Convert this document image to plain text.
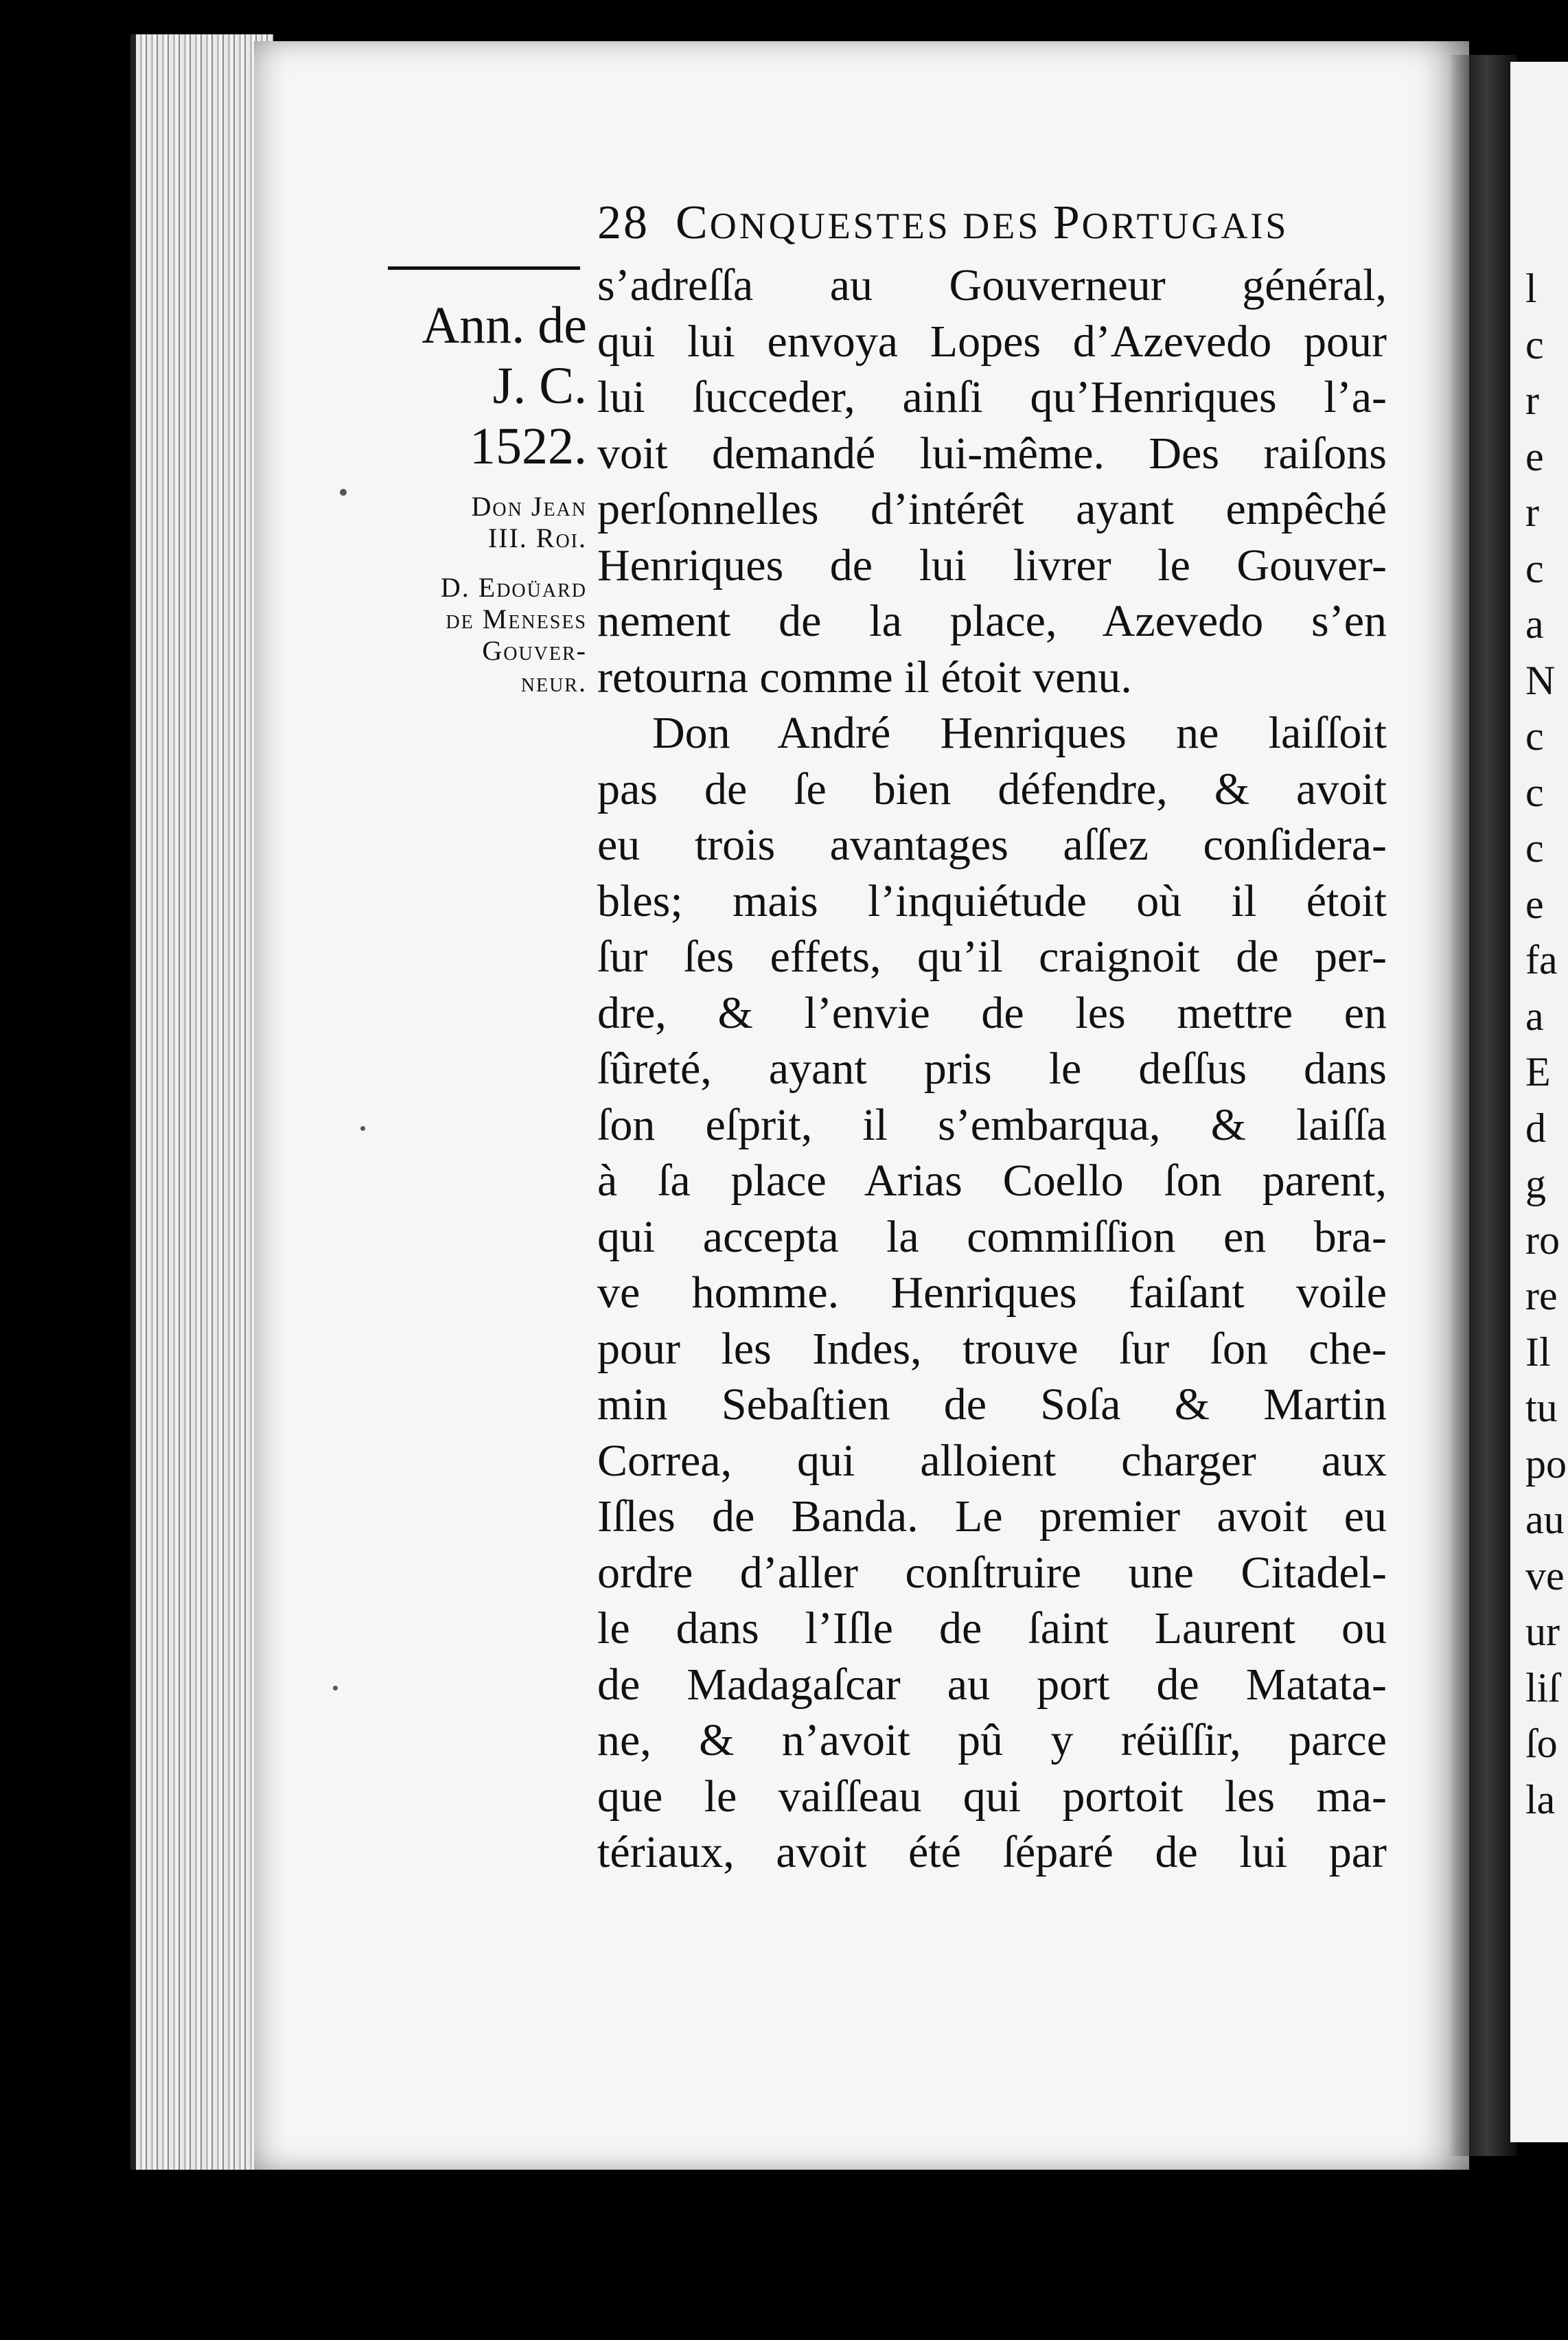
28 CONQUESTES DES PORTUGAIS
Ann. de
J. C.
1522.
Don Jean
III. Roi.
D. Edoüard
de Meneses
Gouver-
neur.
s’adreſſa au Gouverneur général,
qui lui envoya Lopes d’Azevedo pour
lui ſucceder, ainſi qu’Henriques l’a-
voit demandé lui-même. Des raiſons
perſonnelles d’intérêt ayant empêché
Henriques de lui livrer le Gouver-
nement de la place, Azevedo s’en
retourna comme il étoit venu.
Don André Henriques ne laiſſoit
pas de ſe bien défendre, & avoit
eu trois avantages aſſez conſidera-
bles; mais l’inquiétude où il étoit
ſur ſes effets, qu’il craignoit de per-
dre, & l’envie de les mettre en
ſûreté, ayant pris le deſſus dans
ſon eſprit, il s’embarqua, & laiſſa
à ſa place Arias Coello ſon parent,
qui accepta la commiſſion en bra-
ve homme. Henriques faiſant voile
pour les Indes, trouve ſur ſon che-
min Sebaſtien de Soſa & Martin
Correa, qui alloient charger aux
Iſles de Banda. Le premier avoit eu
ordre d’aller conſtruire une Citadel-
le dans l’Iſle de ſaint Laurent ou
de Madagaſcar au port de Matata-
ne, & n’avoit pû y réüſſir, parce
que le vaiſſeau qui portoit les ma-
tériaux, avoit été ſéparé de lui par
l
c
r
e
r
c
a
N
c
c
c
e
fa
a
E
d
g
ro
re
Il
tu
po
au
ve
ur
liſ
ſo
la
